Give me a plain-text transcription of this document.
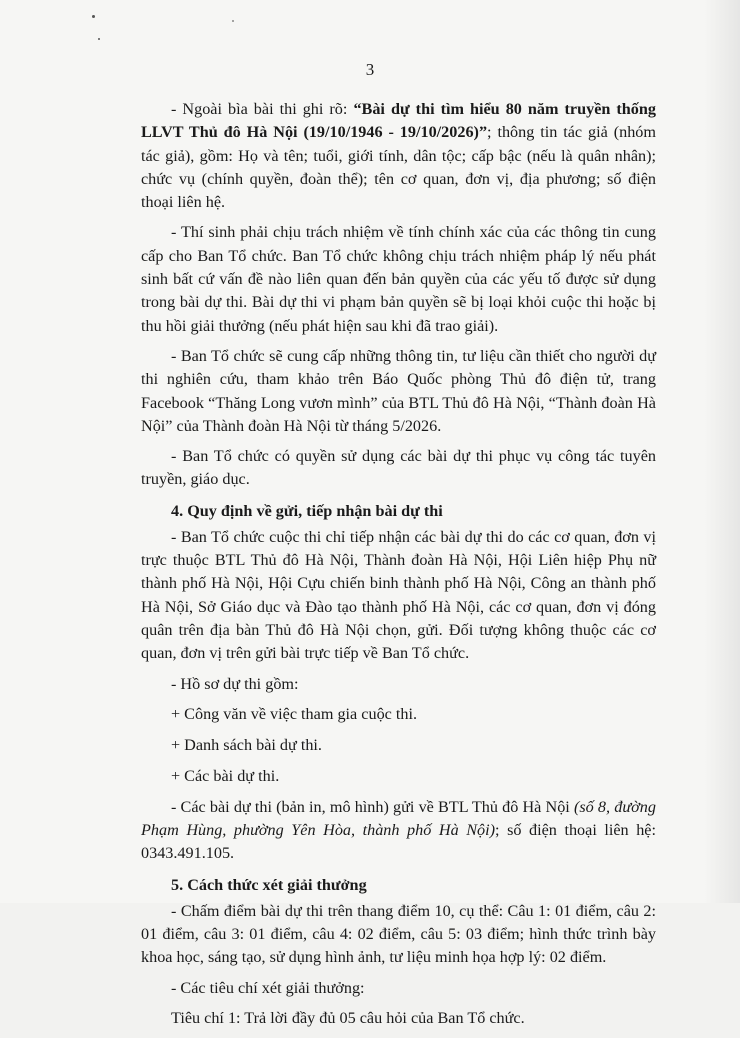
3

- Ngoài bìa bài thi ghi rõ: “Bài dự thi tìm hiểu 80 năm truyền thống LLVT Thủ đô Hà Nội (19/10/1946 - 19/10/2026)”; thông tin tác giả (nhóm tác giả), gồm: Họ và tên; tuổi, giới tính, dân tộc; cấp bậc (nếu là quân nhân); chức vụ (chính quyền, đoàn thể); tên cơ quan, đơn vị, địa phương; số điện thoại liên hệ.

- Thí sinh phải chịu trách nhiệm về tính chính xác của các thông tin cung cấp cho Ban Tổ chức. Ban Tổ chức không chịu trách nhiệm pháp lý nếu phát sinh bất cứ vấn đề nào liên quan đến bản quyền của các yếu tố được sử dụng trong bài dự thi. Bài dự thi vi phạm bản quyền sẽ bị loại khỏi cuộc thi hoặc bị thu hồi giải thưởng (nếu phát hiện sau khi đã trao giải).

- Ban Tổ chức sẽ cung cấp những thông tin, tư liệu cần thiết cho người dự thi nghiên cứu, tham khảo trên Báo Quốc phòng Thủ đô điện tử, trang Facebook “Thăng Long vươn mình” của BTL Thủ đô Hà Nội, “Thành đoàn Hà Nội” của Thành đoàn Hà Nội từ tháng 5/2026.

- Ban Tổ chức có quyền sử dụng các bài dự thi phục vụ công tác tuyên truyền, giáo dục.

4. Quy định về gửi, tiếp nhận bài dự thi

- Ban Tổ chức cuộc thi chỉ tiếp nhận các bài dự thi do các cơ quan, đơn vị trực thuộc BTL Thủ đô Hà Nội, Thành đoàn Hà Nội, Hội Liên hiệp Phụ nữ thành phố Hà Nội, Hội Cựu chiến binh thành phố Hà Nội, Công an thành phố Hà Nội, Sở Giáo dục và Đào tạo thành phố Hà Nội, các cơ quan, đơn vị đóng quân trên địa bàn Thủ đô Hà Nội chọn, gửi. Đối tượng không thuộc các cơ quan, đơn vị trên gửi bài trực tiếp về Ban Tổ chức.

- Hồ sơ dự thi gồm:

+ Công văn về việc tham gia cuộc thi.

+ Danh sách bài dự thi.

+ Các bài dự thi.

- Các bài dự thi (bản in, mô hình) gửi về BTL Thủ đô Hà Nội (số 8, đường Phạm Hùng, phường Yên Hòa, thành phố Hà Nội); số điện thoại liên hệ: 0343.491.105.

5. Cách thức xét giải thưởng

- Chấm điểm bài dự thi trên thang điểm 10, cụ thể: Câu 1: 01 điểm, câu 2: 01 điểm, câu 3: 01 điểm, câu 4: 02 điểm, câu 5: 03 điểm; hình thức trình bày khoa học, sáng tạo, sử dụng hình ảnh, tư liệu minh họa hợp lý: 02 điểm.

- Các tiêu chí xét giải thưởng:

Tiêu chí 1: Trả lời đầy đủ 05 câu hỏi của Ban Tổ chức.
